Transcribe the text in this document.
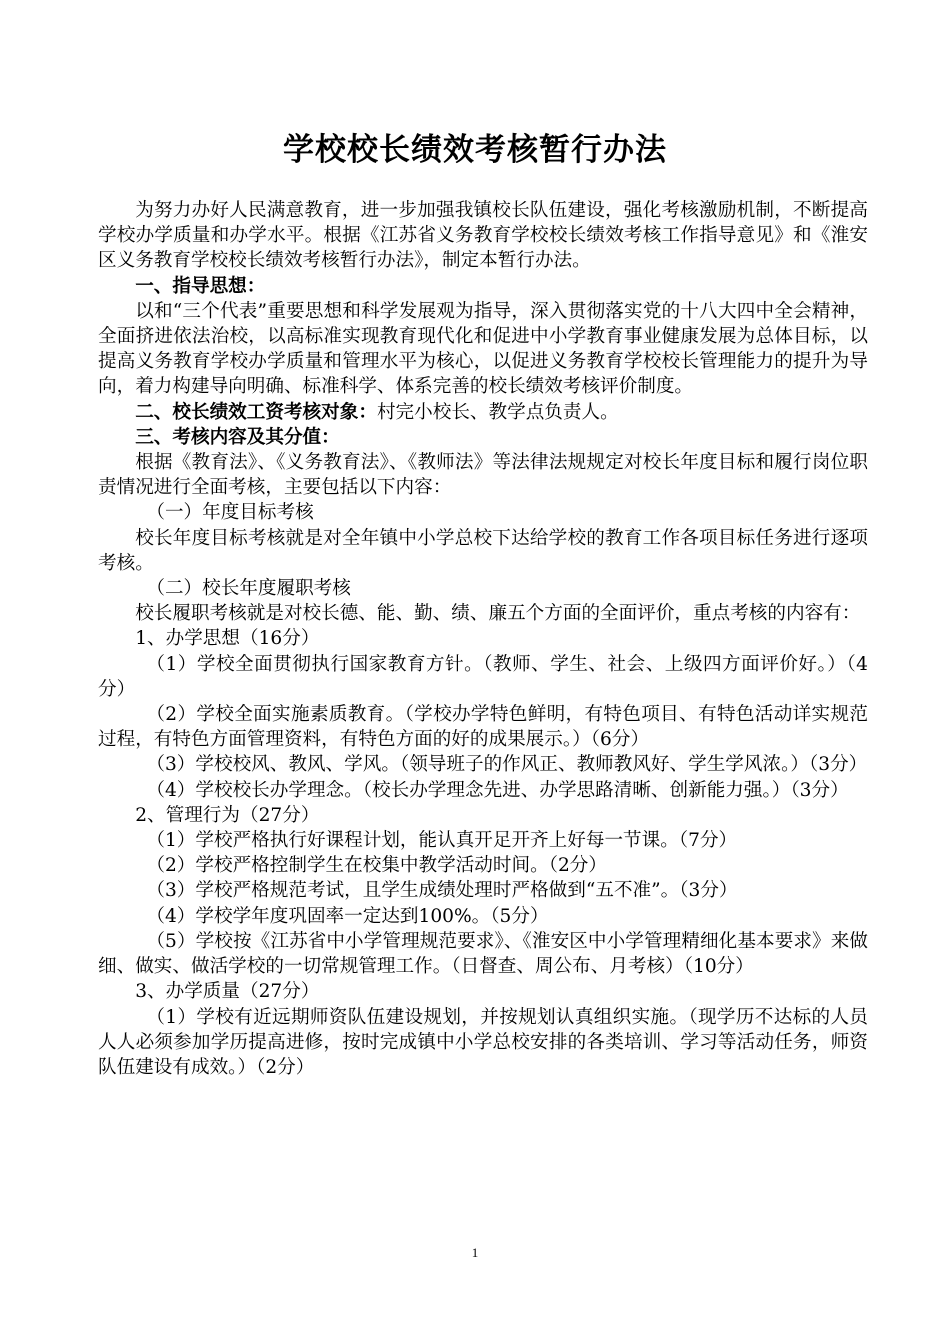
学校校长绩效考核暂行办法

为努力办好人民满意教育，进一步加强我镇校长队伍建设，强化考核激励机制，不断提高学校办学质量和办学水平。根据《江苏省义务教育学校校长绩效考核工作指导意见》和《淮安区义务教育学校校长绩效考核暂行办法》，制定本暂行办法。

一、指导思想：

以和“三个代表”重要思想和科学发展观为指导，深入贯彻落实党的十八大四中全会精神，全面挤进依法治校，以高标准实现教育现代化和促进中小学教育事业健康发展为总体目标，以提高义务教育学校办学质量和管理水平为核心，以促进义务教育学校校长管理能力的提升为导向，着力构建导向明确、标准科学、体系完善的校长绩效考核评价制度。

二、校长绩效工资考核对象：村完小校长、教学点负责人。

三、考核内容及其分值：

根据《教育法》、《义务教育法》、《教师法》等法律法规规定对校长年度目标和履行岗位职责情况进行全面考核，主要包括以下内容：

（一）年度目标考核

校长年度目标考核就是对全年镇中小学总校下达给学校的教育工作各项目标任务进行逐项考核。

（二）校长年度履职考核

校长履职考核就是对校长德、能、勤、绩、廉五个方面的全面评价，重点考核的内容有：

1、办学思想（16分）

（1）学校全面贯彻执行国家教育方针。（教师、学生、社会、上级四方面评价好。）（4分）

（2）学校全面实施素质教育。（学校办学特色鲜明，有特色项目、有特色活动详实规范过程，有特色方面管理资料，有特色方面的好的成果展示。）（6分）

（3）学校校风、教风、学风。（领导班子的作风正、教师教风好、学生学风浓。）（3分）

（4）学校校长办学理念。（校长办学理念先进、办学思路清晰、创新能力强。）（3分）

2、管理行为（27分）

（1）学校严格执行好课程计划，能认真开足开齐上好每一节课。（7分）

（2）学校严格控制学生在校集中教学活动时间。（2分）

（3）学校严格规范考试，且学生成绩处理时严格做到“五不准”。（3分）

（4）学校学年度巩固率一定达到100%。（5分）

（5）学校按《江苏省中小学管理规范要求》、《淮安区中小学管理精细化基本要求》来做细、做实、做活学校的一切常规管理工作。（日督查、周公布、月考核）（10分）

3、办学质量（27分）

（1）学校有近远期师资队伍建设规划，并按规划认真组织实施。（现学历不达标的人员人人必须参加学历提高进修，按时完成镇中小学总校安排的各类培训、学习等活动任务，师资队伍建设有成效。）（2分）

1
